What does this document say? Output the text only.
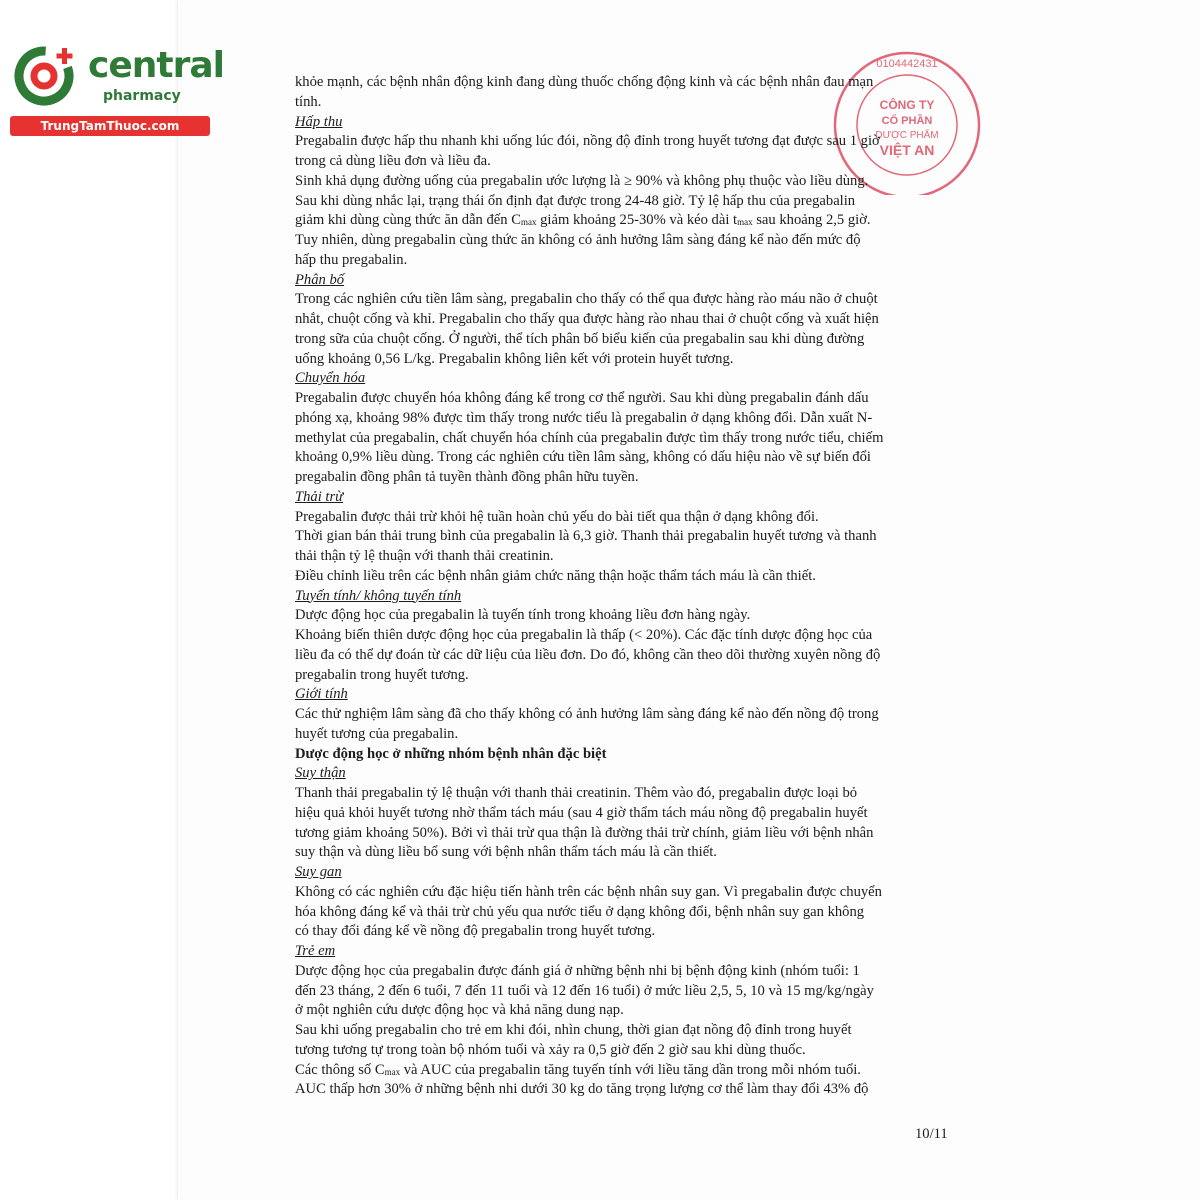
central
pharmacy
TrungTamThuoc.com
0104442431
CÔNG TY
CỔ PHẦN
DƯỢC PHẨM
VIỆT AN

khỏe mạnh, các bệnh nhân động kinh đang dùng thuốc chống động kinh và các bệnh nhân đau mạn

tính.

Hấp thu

Pregabalin được hấp thu nhanh khi uống lúc đói, nồng độ đỉnh trong huyết tương đạt được sau 1 giờ

trong cả dùng liều đơn và liều đa.

Sinh khả dụng đường uống của pregabalin ước lượng là ≥ 90% và không phụ thuộc vào liều dùng.

Sau khi dùng nhắc lại, trạng thái ổn định đạt được trong 24-48 giờ. Tỷ lệ hấp thu của pregabalin

giảm khi dùng cùng thức ăn dẫn đến $C_{max}$ giảm khoảng 25-30% và kéo dài $t_{max}$ sau khoảng 2,5 giờ.

Tuy nhiên, dùng pregabalin cùng thức ăn không có ảnh hưởng lâm sàng đáng kể nào đến mức độ

hấp thu pregabalin.

Phân bố

Trong các nghiên cứu tiền lâm sàng, pregabalin cho thấy có thể qua được hàng rào máu não ở chuột

nhắt, chuột cống và khỉ. Pregabalin cho thấy qua được hàng rào nhau thai ở chuột cống và xuất hiện

trong sữa của chuột cống. Ở người, thể tích phân bố biểu kiến của pregabalin sau khi dùng đường

uống khoảng 0,56 L/kg. Pregabalin không liên kết với protein huyết tương.

Chuyển hóa

Pregabalin được chuyển hóa không đáng kể trong cơ thể người. Sau khi dùng pregabalin đánh dấu

phóng xạ, khoảng 98% được tìm thấy trong nước tiểu là pregabalin ở dạng không đổi. Dẫn xuất N-

methylat của pregabalin, chất chuyển hóa chính của pregabalin được tìm thấy trong nước tiểu, chiếm

khoảng 0,9% liều dùng. Trong các nghiên cứu tiền lâm sàng, không có dấu hiệu nào về sự biến đổi

pregabalin đồng phân tả tuyền thành đồng phân hữu tuyền.

Thải trừ

Pregabalin được thải trừ khỏi hệ tuần hoàn chủ yếu do bài tiết qua thận ở dạng không đổi.

Thời gian bán thải trung bình của pregabalin là 6,3 giờ. Thanh thải pregabalin huyết tương và thanh

thải thận tỷ lệ thuận với thanh thải creatinin.

Điều chỉnh liều trên các bệnh nhân giảm chức năng thận hoặc thẩm tách máu là cần thiết.

Tuyến tính/ không tuyến tính

Dược động học của pregabalin là tuyến tính trong khoảng liều đơn hàng ngày.

Khoảng biến thiên dược động học của pregabalin là thấp (< 20%). Các đặc tính dược động học của

liều đa có thể dự đoán từ các dữ liệu của liều đơn. Do đó, không cần theo dõi thường xuyên nồng độ

pregabalin trong huyết tương.

Giới tính

Các thử nghiệm lâm sàng đã cho thấy không có ảnh hưởng lâm sàng đáng kể nào đến nồng độ trong

huyết tương của pregabalin.

Dược động học ở những nhóm bệnh nhân đặc biệt

Suy thận

Thanh thải pregabalin tỷ lệ thuận với thanh thải creatinin. Thêm vào đó, pregabalin được loại bỏ

hiệu quả khỏi huyết tương nhờ thẩm tách máu (sau 4 giờ thẩm tách máu nồng độ pregabalin huyết

tương giảm khoảng 50%). Bởi vì thải trừ qua thận là đường thải trừ chính, giảm liều với bệnh nhân

suy thận và dùng liều bổ sung với bệnh nhân thẩm tách máu là cần thiết.

Suy gan

Không có các nghiên cứu đặc hiệu tiến hành trên các bệnh nhân suy gan. Vì pregabalin được chuyển

hóa không đáng kể và thải trừ chủ yếu qua nước tiểu ở dạng không đổi, bệnh nhân suy gan không

có thay đổi đáng kể về nồng độ pregabalin trong huyết tương.

Trẻ em

Dược động học của pregabalin được đánh giá ở những bệnh nhi bị bệnh động kinh (nhóm tuổi: 1

đến 23 tháng, 2 đến 6 tuổi, 7 đến 11 tuổi và 12 đến 16 tuổi) ở mức liều 2,5, 5, 10 và 15 mg/kg/ngày

ở một nghiên cứu dược động học và khả năng dung nạp.

Sau khi uống pregabalin cho trẻ em khi đói, nhìn chung, thời gian đạt nồng độ đỉnh trong huyết

tương tương tự trong toàn bộ nhóm tuổi và xảy ra 0,5 giờ đến 2 giờ sau khi dùng thuốc.

Các thông số $C_{max}$ và AUC của pregabalin tăng tuyến tính với liều tăng dần trong mỗi nhóm tuổi.

AUC thấp hơn 30% ở những bệnh nhi dưới 30 kg do tăng trọng lượng cơ thể làm thay đổi 43% độ

10/11
